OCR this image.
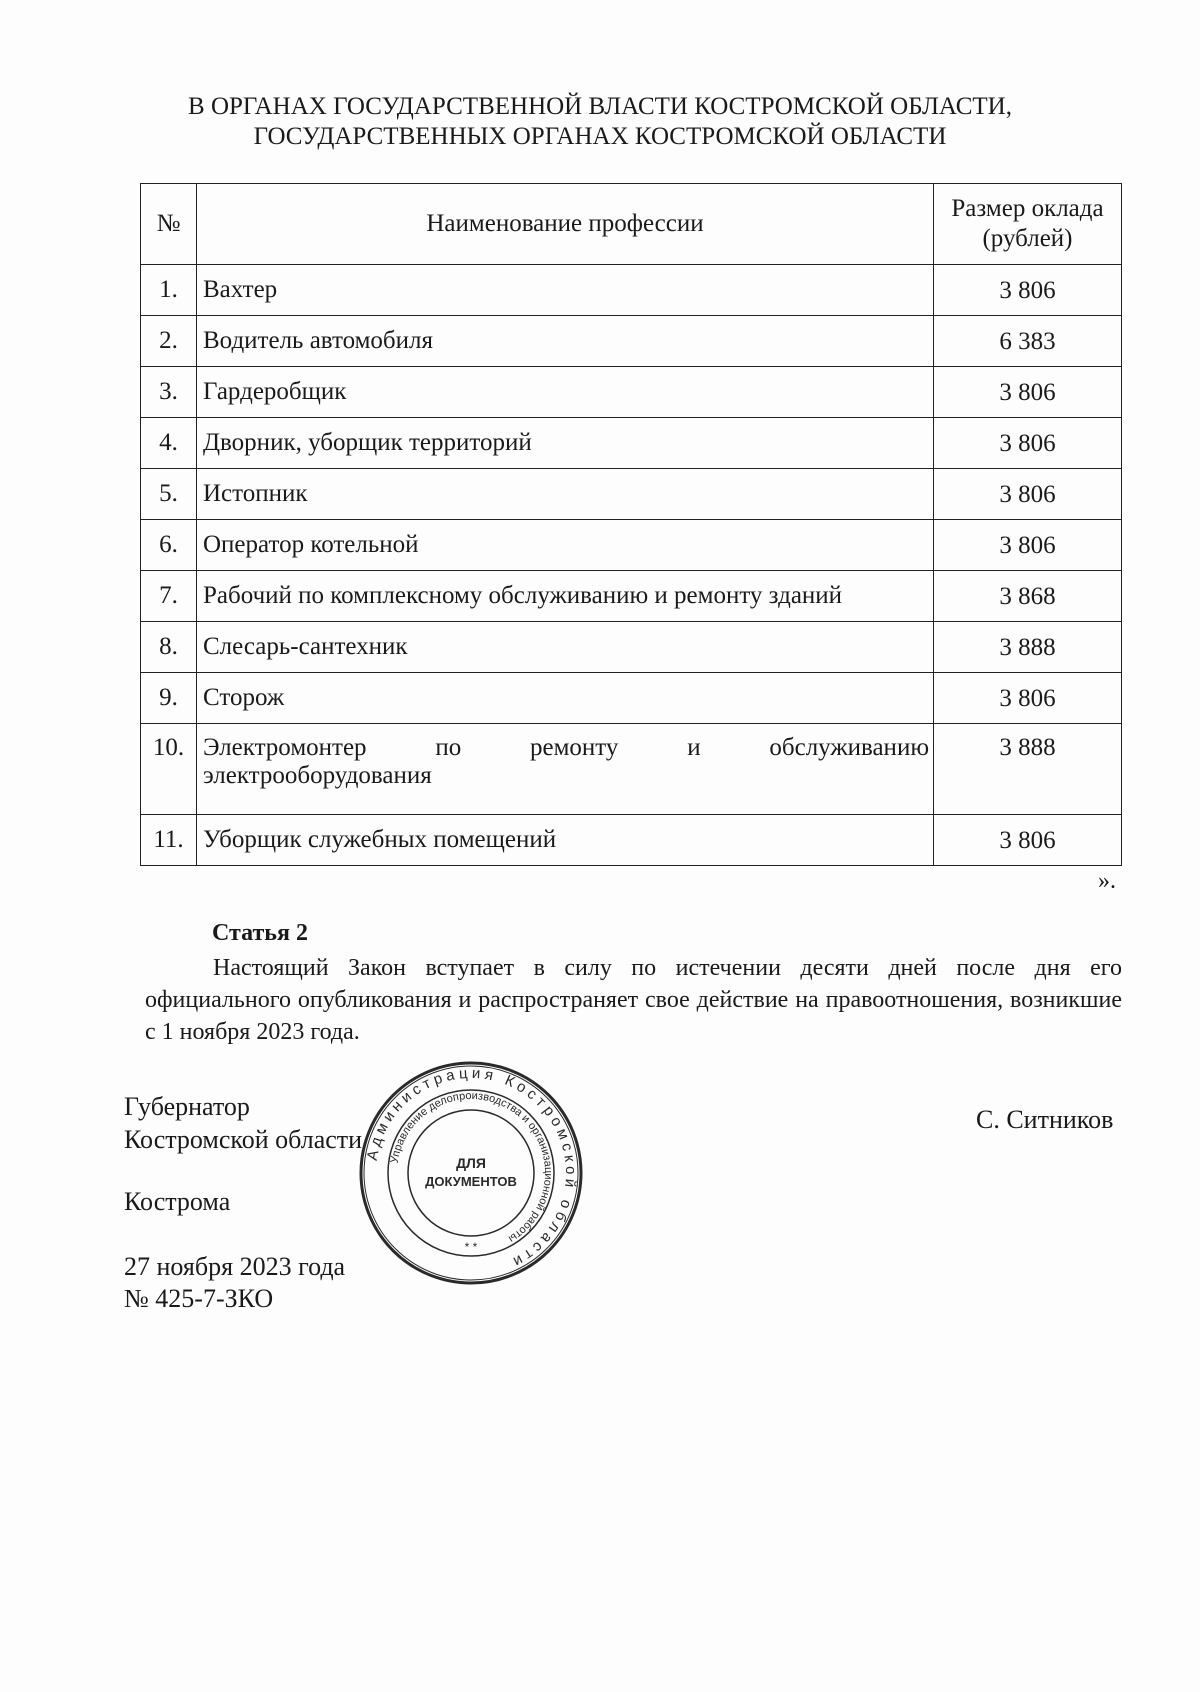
В ОРГАНАХ ГОСУДАРСТВЕННОЙ ВЛАСТИ КОСТРОМСКОЙ ОБЛАСТИ,
ГОСУДАРСТВЕННЫХ ОРГАНАХ КОСТРОМСКОЙ ОБЛАСТИ
№	Наименование профессии	Размер оклада
(рублей)

1.	Вахтер	3 806
2.	Водитель автомобиля	6 383
3.	Гардеробщик	3 806
4.	Дворник, уборщик территорий	3 806
5.	Истопник	3 806
6.	Оператор котельной	3 806
7.	Рабочий по комплексному обслуживанию и ремонту зданий	3 868
8.	Слесарь-сантехник	3 888
9.	Сторож	3 806
10.	Электромонтер по ремонту и обслуживанию
электрооборудования	3 888
11.	Уборщик служебных помещений	3 806
».
Статья 2
Настоящий Закон вступает в силу по истечении десяти дней после дня его официального опубликования и распространяет свое действие на правоотношения, возникшие с 1 ноября 2023 года.
Губернатор
Костромской области
С. Ситников
Кострома
27 ноября 2023 года
№ 425-7-ЗКО
Администрация Костромской области
Управление делопроизводства и организационной работы
ДЛЯ
ДОКУМЕНТОВ
* *
